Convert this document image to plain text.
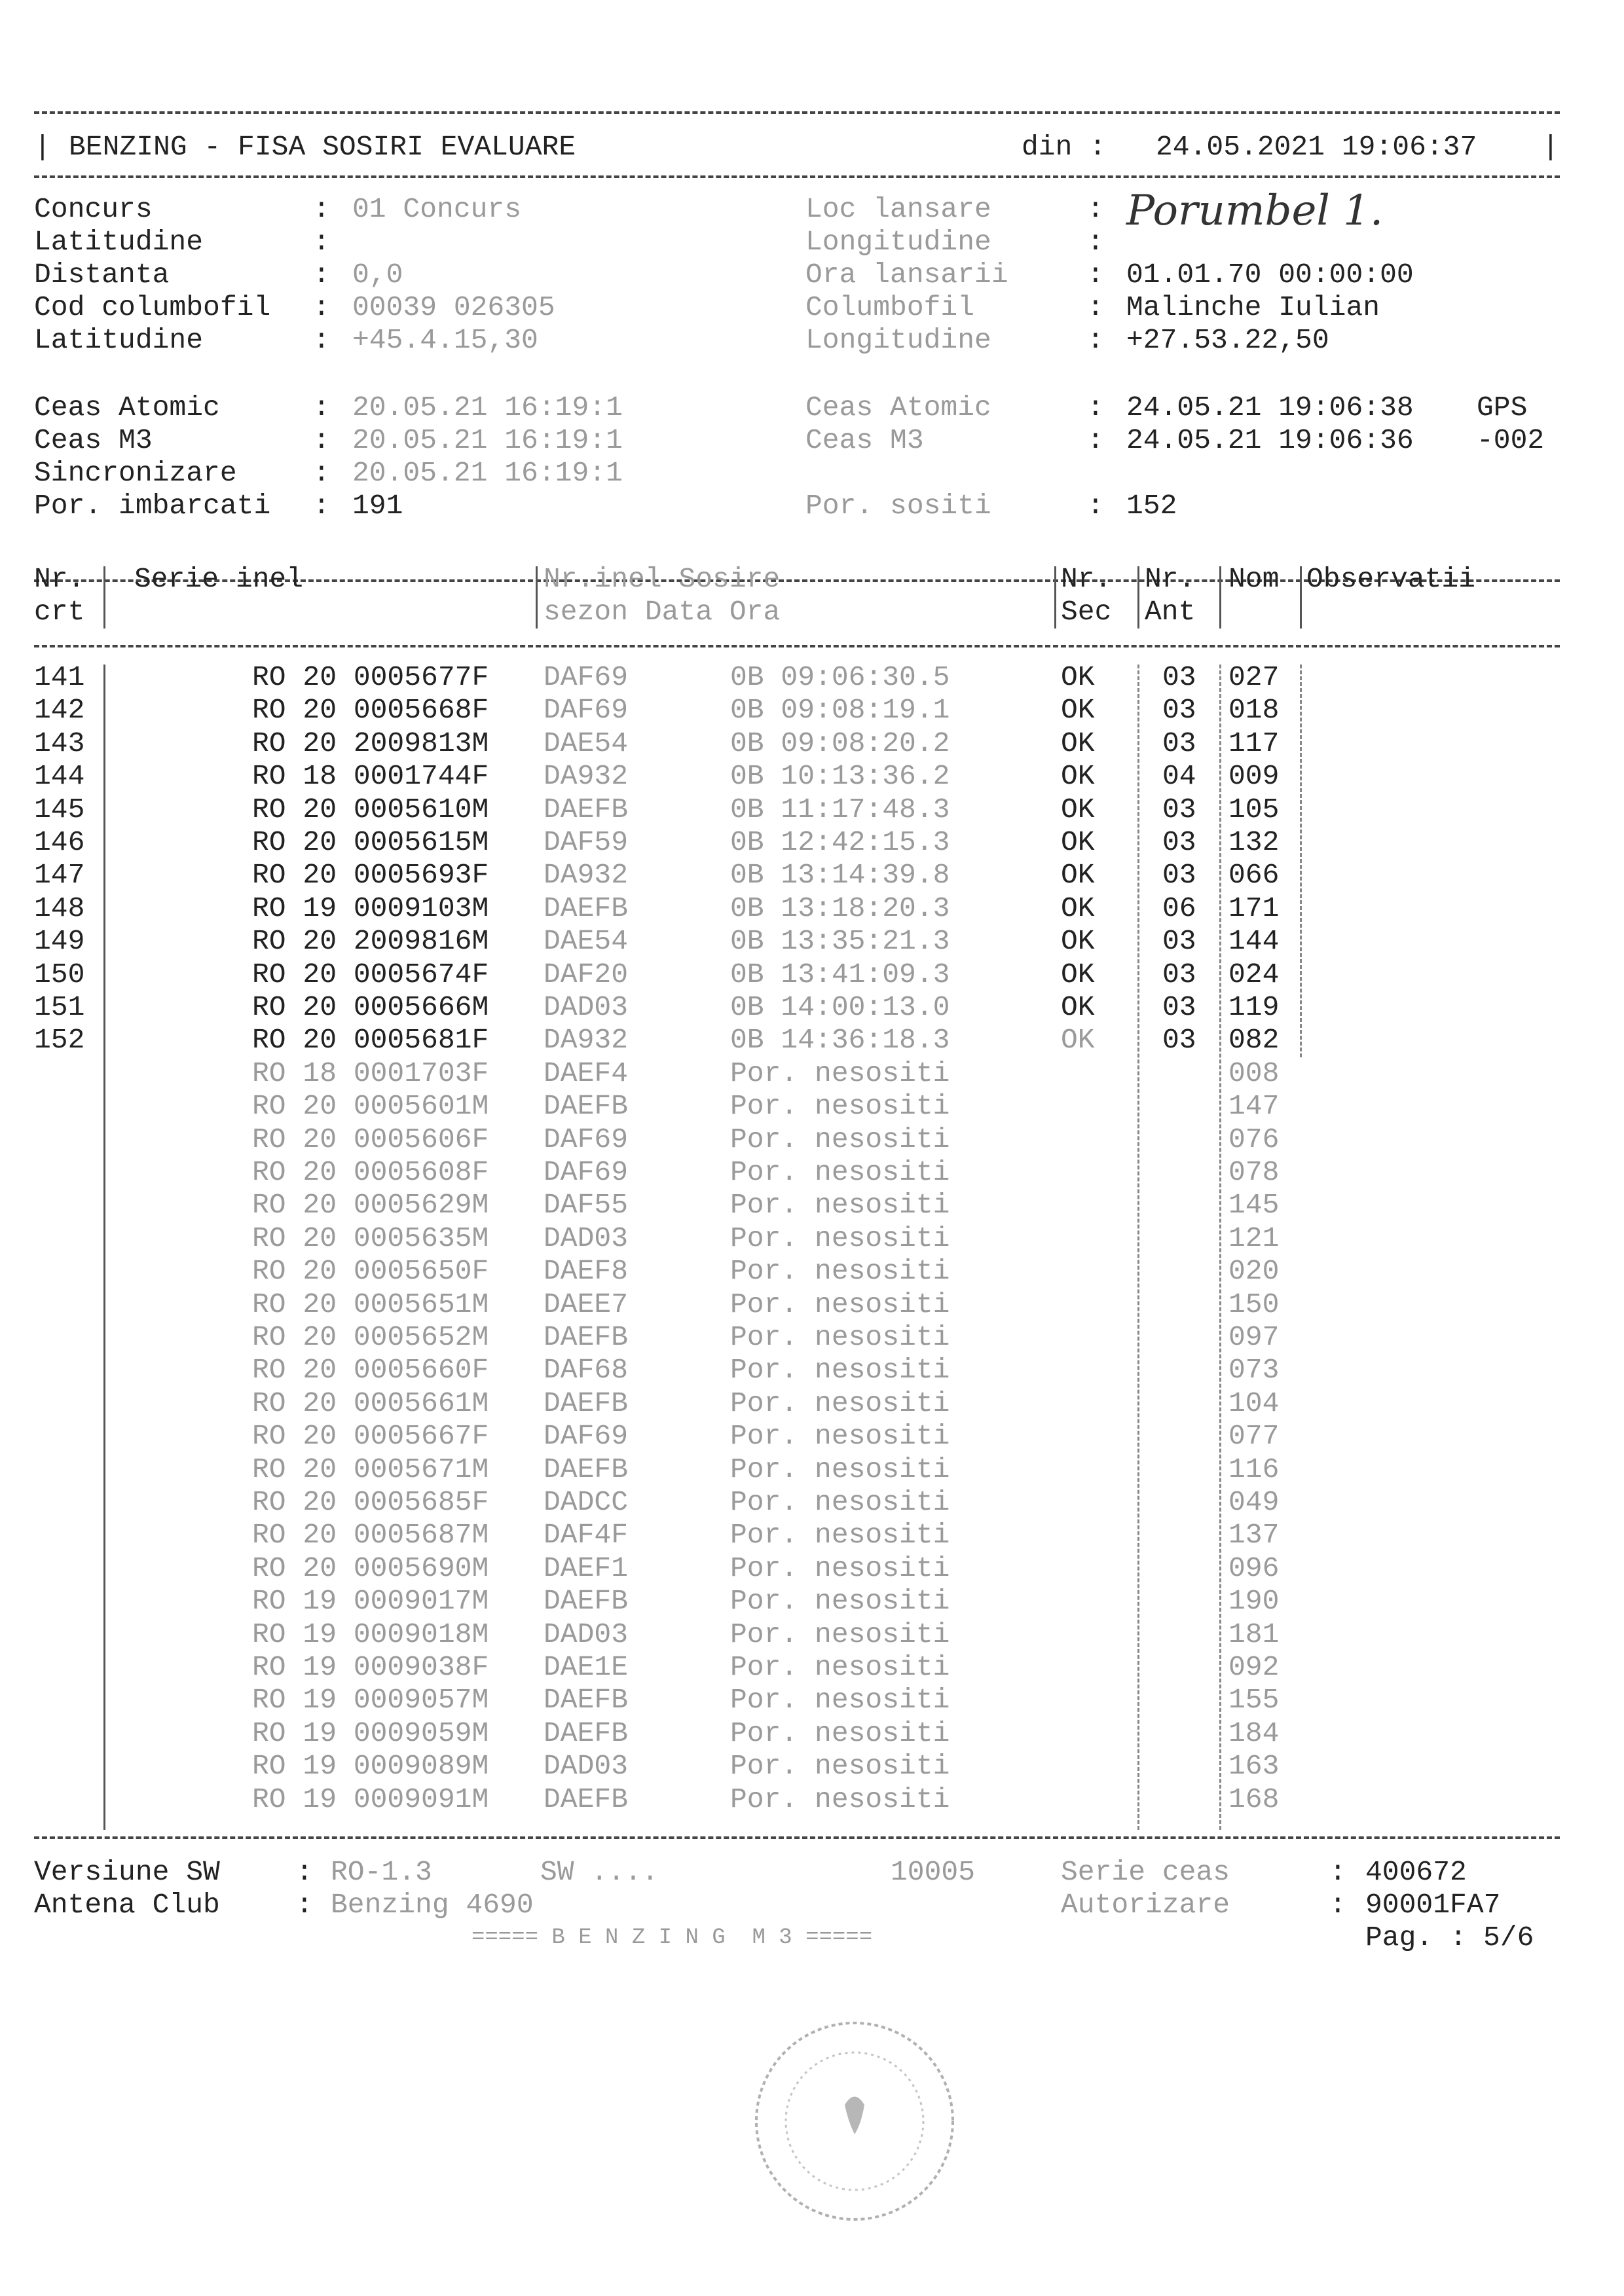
| BENZING - FISA SOSIRI EVALUARE	din : 24.05.2021 19:06:37 |
Concurs	: 01 Concurs
Latitudine	:
Distanta	: 0,0
Cod columbofil : 00039 026305
Latitudine	: +45.4.15,30
Loc lansare	: Porumbel 1.
Longitudine	:
Ora lansarii	: 01.01.70 00:00:00
Columbofil	: Malinche Iulian
Longitudine	: +27.53.22,50
Ceas Atomic	: 20.05.21 16:19:1
Ceas M3	: 20.05.21 16:19:1
Sincronizare	: 20.05.21 16:19:1
Por. imbarcati : 191
Ceas Atomic	: 24.05.21 19:06:38 GPS
Ceas M3	: 24.05.21 19:06:36 -002
Por. sositi	: 152
Nr.
crt
Serie inel	Nr.inel Sosire
sezon Data Ora
Nr.
Sec
Nr.
Ant
Nom Observatii
141	RO 20 0005677F DAF69	0B 09:06:30.5	OK 03 027
142	RO 20 0005668F DAF69	0B 09:08:19.1	OK 03 018
143	RO 20 2009813M DAE54	0B 09:08:20.2	OK 03 117
144	RO 18 0001744F DA932	0B 10:13:36.2	OK 04 009
145	RO 20 0005610M DAEFB	0B 11:17:48.3	OK 03 105
146	RO 20 0005615M DAF59	0B 12:42:15.3	OK 03 132
147	RO 20 0005693F DA932	0B 13:14:39.8	OK 03 066
148	RO 19 0009103M DAEFB	0B 13:18:20.3	OK 06 171
149	RO 20 2009816M DAE54	0B 13:35:21.3	OK 03 144
150	RO 20 0005674F DAF20	0B 13:41:09.3	OK 03 024
151	RO 20 0005666M DAD03	0B 14:00:13.0	OK 03 119
152	RO 20 0005681F DA932	0B 14:36:18.3	OK 03 082
RO 18 0001703F DAEF4	Por. nesositi	008
RO 20 0005601M DAEFB	Por. nesositi	147
RO 20 0005606F DAF69	Por. nesositi	076
RO 20 0005608F DAF69	Por. nesositi	078
RO 20 0005629M DAF55	Por. nesositi	145
RO 20 0005635M DAD03	Por. nesositi	121
RO 20 0005650F DAEF8	Por. nesositi	020
RO 20 0005651M DAEE7	Por. nesositi	150
RO 20 0005652M DAEFB	Por. nesositi	097
RO 20 0005660F DAF68	Por. nesositi	073
RO 20 0005661M DAEFB	Por. nesositi	104
RO 20 0005667F DAF69	Por. nesositi	077
RO 20 0005671M DAEFB	Por. nesositi	116
RO 20 0005685F DADCC	Por. nesositi	049
RO 20 0005687M DAF4F	Por. nesositi	137
RO 20 0005690M DAEF1	Por. nesositi	096
RO 19 0009017M DAEFB	Por. nesositi	190
RO 19 0009018M DAD03	Por. nesositi	181
RO 19 0009038F DAE1E	Por. nesositi	092
RO 19 0009057M DAEFB	Por. nesositi	155
RO 19 0009059M DAEFB	Por. nesositi	184
RO 19 0009089M DAD03	Por. nesositi	163
RO 19 0009091M DAEFB	Por. nesositi	168
Versiune SW	: RO-1.3	SW ....	10005	Serie ceas	: 400672
Antena Club	: Benzing 4690	Autorizare	: 90001FA7
===== B E N Z I N G  M 3 =====	Pag. : 5/6
